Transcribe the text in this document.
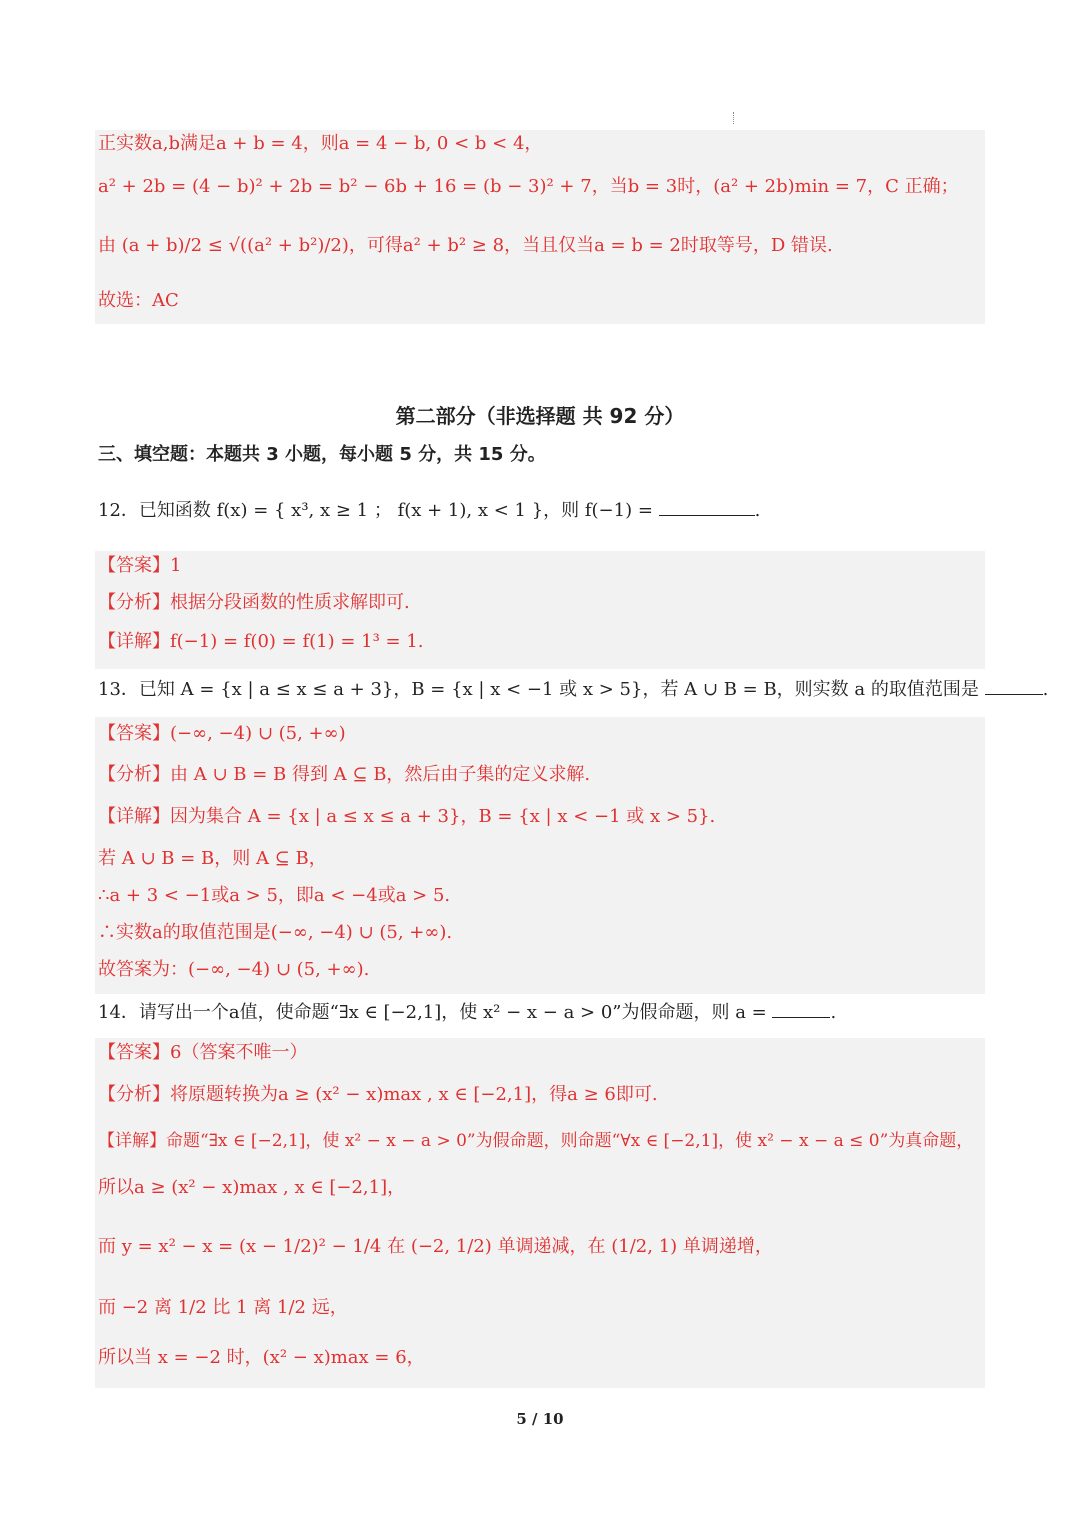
正实数a,b满足a + b = 4，则a = 4 − b, 0 < b < 4，
a² + 2b = (4 − b)² + 2b = b² − 6b + 16 = (b − 3)² + 7，当b = 3时，(a² + 2b)min = 7，C 正确；
由 (a + b)/2 ≤ √((a² + b²)/2)，可得a² + b² ≥ 8，当且仅当a = b = 2时取等号，D 错误.
故选：AC
第二部分（非选择题 共 92 分）
三、填空题：本题共 3 小题，每小题 5 分，共 15 分。
12．已知函数 f(x) = { x³, x ≥ 1 ； f(x + 1), x < 1 }，则 f(−1) =	.
【答案】1
【分析】根据分段函数的性质求解即可.
【详解】f(−1) = f(0) = f(1) = 1³ = 1.
13．已知 A = {x | a ≤ x ≤ a + 3}，B = {x | x < −1 或 x > 5}，若 A ∪ B = B，则实数 a 的取值范围是	.
【答案】(−∞, −4) ∪ (5, +∞)
【分析】由 A ∪ B = B 得到 A ⊆ B，然后由子集的定义求解.
【详解】因为集合 A = {x | a ≤ x ≤ a + 3}，B = {x | x < −1 或 x > 5}.
若 A ∪ B = B，则 A ⊆ B，
∴a + 3 < −1或a > 5，即a < −4或a > 5.
∴实数a的取值范围是(−∞, −4) ∪ (5, +∞).
故答案为：(−∞, −4) ∪ (5, +∞).
14．请写出一个a值，使命题“∃x ∈ [−2,1]，使 x² − x − a > 0”为假命题，则 a =	.
【答案】6（答案不唯一）
【分析】将原题转换为a ≥ (x² − x)max , x ∈ [−2,1]，得a ≥ 6即可.
【详解】命题“∃x ∈ [−2,1]，使 x² − x − a > 0”为假命题，则命题“∀x ∈ [−2,1]，使 x² − x − a ≤ 0”为真命题，
所以a ≥ (x² − x)max , x ∈ [−2,1]，
而 y = x² − x = (x − 1/2)² − 1/4 在 (−2, 1/2) 单调递减，在 (1/2, 1) 单调递增，
而 −2 离 1/2 比 1 离 1/2 远，
所以当 x = −2 时，(x² − x)max = 6，
5 / 10
